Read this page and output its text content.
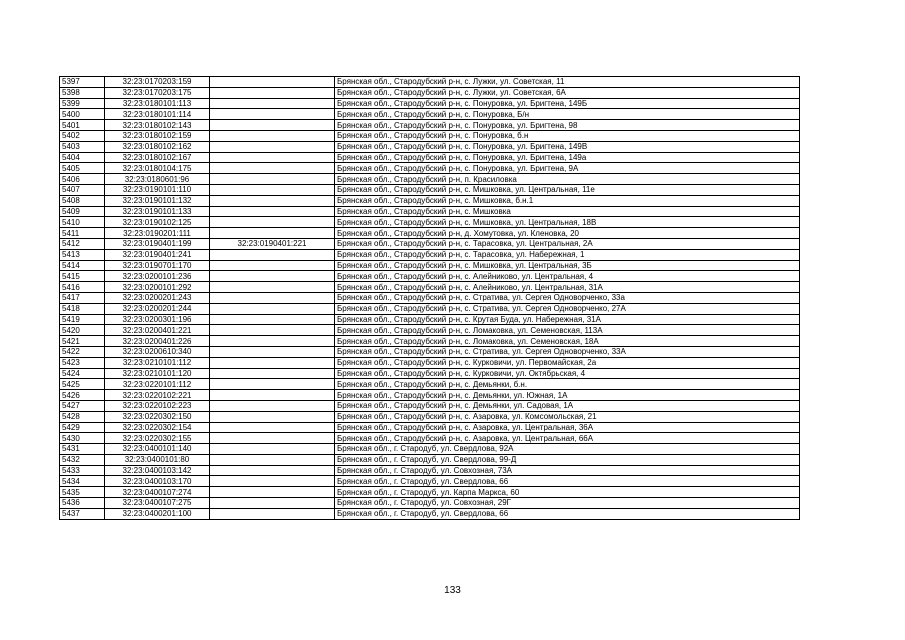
5397	32:23:0170203:159		Брянская обл., Стародубский р-н, с. Лужки, ул. Советская, 11
5398	32:23:0170203:175		Брянская обл., Стародубский р-н, с. Лужки, ул. Советская, 6А
5399	32:23:0180101:113		Брянская обл., Стародубский р-н, с. Понуровка, ул. Бригтена, 149Б
5400	32:23:0180101:114		Брянская обл., Стародубский р-н, с. Понуровка, Б/н
5401	32:23:0180102:143		Брянская обл., Стародубский р-н, с. Понуровка, ул. Бригтена, 98
5402	32:23:0180102:159		Брянская обл., Стародубский р-н, с. Понуровка, б.н
5403	32:23:0180102:162		Брянская обл., Стародубский р-н, с. Понуровка, ул. Бригтена, 149В
5404	32:23:0180102:167		Брянская обл., Стародубский р-н, с. Понуровка, ул. Бригтена, 149а
5405	32:23:0180104:175		Брянская обл., Стародубский р-н, с. Понуровка, ул. Бригтена, 9А
5406	32:23:0180601:96		Брянская обл., Стародубский р-н, п. Красиловка
5407	32:23:0190101:110		Брянская обл., Стародубский р-н, с. Мишковка, ул. Центральная, 11е
5408	32:23:0190101:132		Брянская обл., Стародубский р-н, с. Мишковка, б.н.1
5409	32:23:0190101:133		Брянская обл., Стародубский р-н, с. Мишковка
5410	32:23:0190102:125		Брянская обл., Стародубский р-н, с. Мишковка, ул. Центральная, 18В
5411	32:23:0190201:111		Брянская обл., Стародубский р-н, д. Хомутовка, ул. Кленовка, 20
5412	32:23:0190401:199	32:23:0190401:221	Брянская обл., Стародубский р-н, с. Тарасовка, ул. Центральная, 2А
5413	32:23:0190401:241		Брянская обл., Стародубский р-н, с. Тарасовка, ул. Набережная, 1
5414	32:23:0190701:170		Брянская обл., Стародубский р-н, с. Мишковка, ул. Центральная, 3Б
5415	32:23:0200101:236		Брянская обл., Стародубский р-н, с. Алейниково, ул. Центральная, 4
5416	32:23:0200101:292		Брянская обл., Стародубский р-н, с. Алейниково, ул. Центральная, 31А
5417	32:23:0200201:243		Брянская обл., Стародубский р-н, с. Стратива, ул. Сергея Одноворченко, 33а
5418	32:23:0200201:244		Брянская обл., Стародубский р-н, с. Стратива, ул. Сергея Одноворченко, 27А
5419	32:23:0200301:196		Брянская обл., Стародубский р-н, с. Крутая Буда, ул. Набережная, 31А
5420	32:23:0200401:221		Брянская обл., Стародубский р-н, с. Ломаковка, ул. Семеновская, 113А
5421	32:23:0200401:226		Брянская обл., Стародубский р-н, с. Ломаковка, ул. Семеновская, 18А
5422	32:23:0200610:340		Брянская обл., Стародубский р-н, с. Стратива, ул. Сергея Одноворченко, 33А
5423	32:23:0210101:112		Брянская обл., Стародубский р-н, с. Курковичи, ул. Первомайская, 2а
5424	32:23:0210101:120		Брянская обл., Стародубский р-н, с. Курковичи, ул. Октябрьская, 4
5425	32:23:0220101:112		Брянская обл., Стародубский р-н, с. Демьянки, б.н.
5426	32:23:0220102:221		Брянская обл., Стародубский р-н, с. Демьянки, ул. Южная, 1А
5427	32:23:0220102:223		Брянская обл., Стародубский р-н, с. Демьянки, ул. Садовая, 1А
5428	32:23:0220302:150		Брянская обл., Стародубский р-н, с. Азаровка, ул. Комсомольская, 21
5429	32:23:0220302:154		Брянская обл., Стародубский р-н, с. Азаровка, ул. Центральная, 36А
5430	32:23:0220302:155		Брянская обл., Стародубский р-н, с. Азаровка, ул. Центральная, 66А
5431	32:23:0400101:140		Брянская обл., г. Стародуб, ул. Свердлова, 92А
5432	32:23:0400101:80		Брянская обл., г. Стародуб, ул. Свердлова, 99-Д
5433	32:23:0400103:142		Брянская обл., г. Стародуб, ул. Совхозная, 73А
5434	32:23:0400103:170		Брянская обл., г. Стародуб, ул. Свердлова, 66
5435	32:23:0400107:274		Брянская обл., г. Стародуб, ул. Карпа Маркса, 60
5436	32:23:0400107:275		Брянская обл., г. Стародуб, ул. Совхозная, 29Г
5437	32:23:0400201:100		Брянская обл., г. Стародуб, ул. Свердлова, 66
133
